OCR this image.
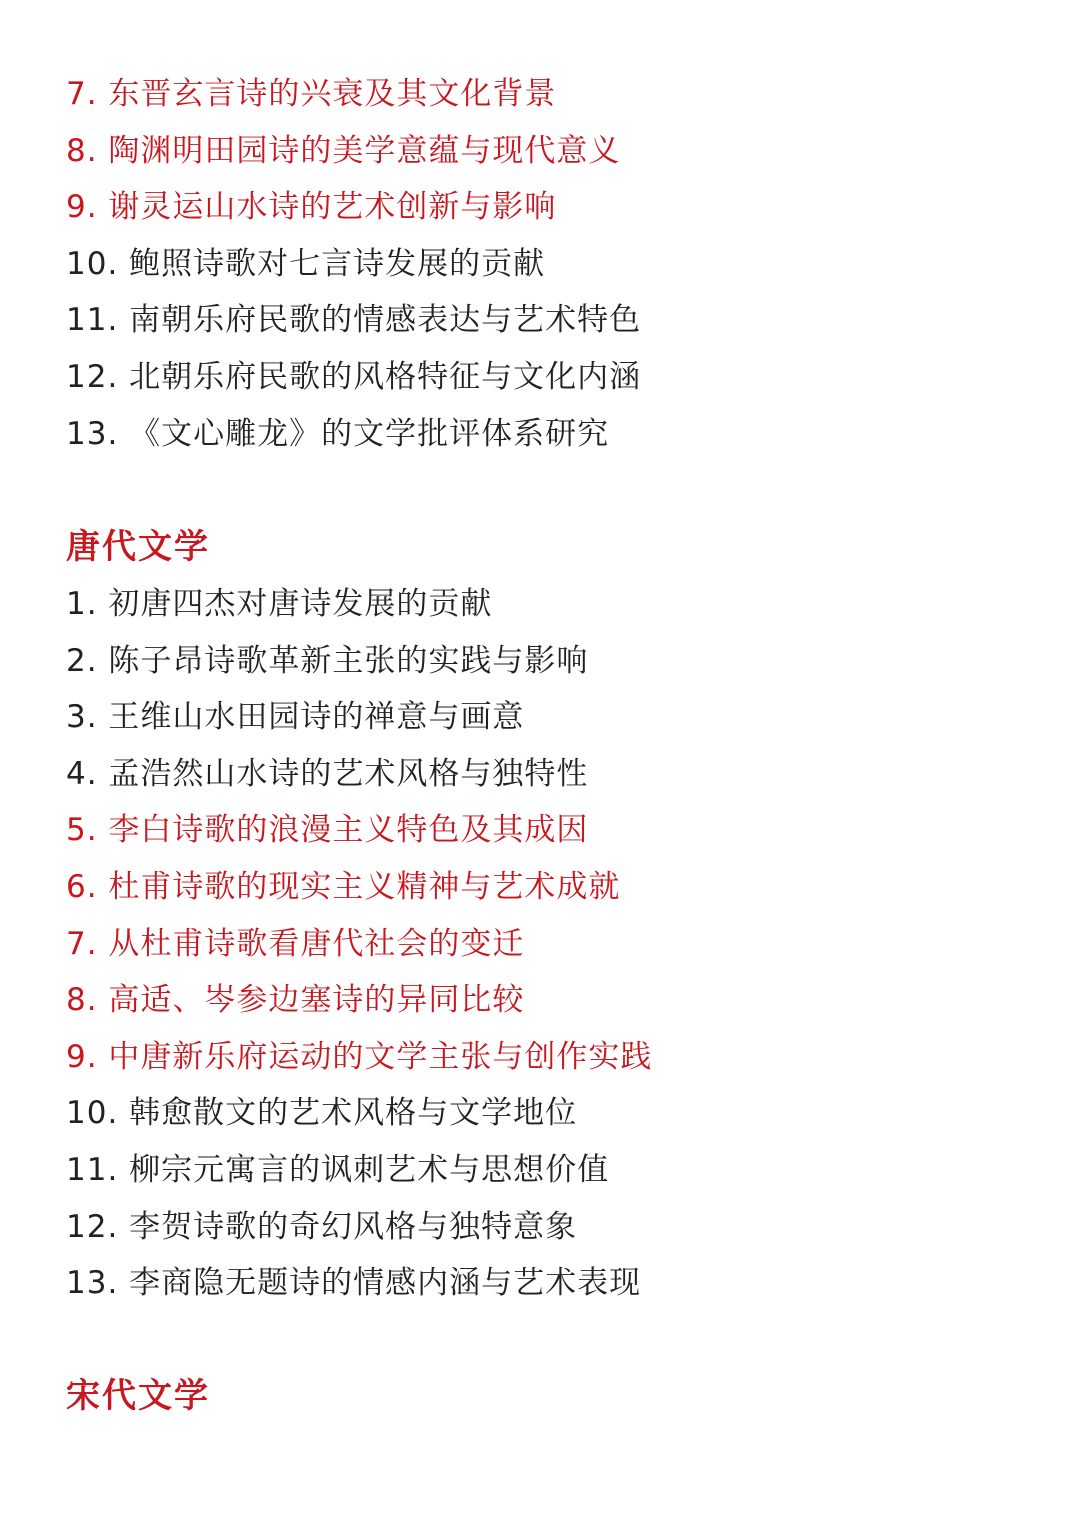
7. 东晋玄言诗的兴衰及其文化背景
8. 陶渊明田园诗的美学意蕴与现代意义
9. 谢灵运山水诗的艺术创新与影响
10. 鲍照诗歌对七言诗发展的贡献
11. 南朝乐府民歌的情感表达与艺术特色
12. 北朝乐府民歌的风格特征与文化内涵
13. 《文心雕龙》的文学批评体系研究
唐代文学
1. 初唐四杰对唐诗发展的贡献
2. 陈子昂诗歌革新主张的实践与影响
3. 王维山水田园诗的禅意与画意
4. 孟浩然山水诗的艺术风格与独特性
5. 李白诗歌的浪漫主义特色及其成因
6. 杜甫诗歌的现实主义精神与艺术成就
7. 从杜甫诗歌看唐代社会的变迁
8. 高适、岑参边塞诗的异同比较
9. 中唐新乐府运动的文学主张与创作实践
10. 韩愈散文的艺术风格与文学地位
11. 柳宗元寓言的讽刺艺术与思想价值
12. 李贺诗歌的奇幻风格与独特意象
13. 李商隐无题诗的情感内涵与艺术表现
宋代文学
